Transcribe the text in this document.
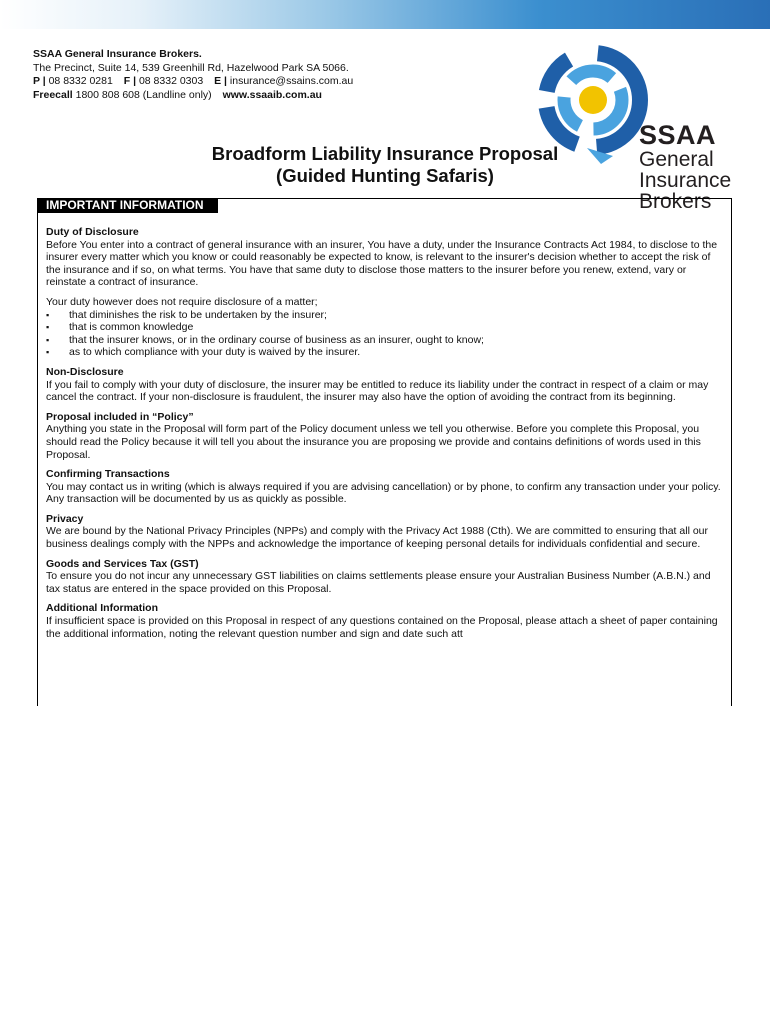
SSAA General Insurance Brokers.
The Precinct, Suite 14, 539 Greenhill Rd, Hazelwood Park SA 5066.
P | 08 8332 0281 F | 08 8332 0303 E | insurance@ssains.com.au
Freecall 1800 808 608 (Landline only) www.ssaaib.com.au
SSAA
General
Insurance
Brokers
Broadform Liability Insurance Proposal
(Guided Hunting Safaris)
IMPORTANT INFORMATION
Duty of Disclosure
Before You enter into a contract of general insurance with an insurer, You have a duty, under the Insurance Contracts Act 1984, to disclose to the insurer every matter which you know or could reasonably be expected to know, is relevant to the insurer's decision whether to accept the risk of the insurance and if so, on what terms. You have that same duty to disclose those matters to the insurer before you renew, extend, vary or reinstate a contract of insurance.
Your duty however does not require disclosure of a matter;
▪ that diminishes the risk to be undertaken by the insurer;
▪ that is common knowledge
▪ that the insurer knows, or in the ordinary course of business as an insurer, ought to know;
▪ as to which compliance with your duty is waived by the insurer.
Non-Disclosure
If you fail to comply with your duty of disclosure, the insurer may be entitled to reduce its liability under the contract in respect of a claim or may cancel the contract. If your non-disclosure is fraudulent, the insurer may also have the option of avoiding the contract from its beginning.
Proposal included in “Policy”
Anything you state in the Proposal will form part of the Policy document unless we tell you otherwise. Before you complete this Proposal, you should read the Policy because it will tell you about the insurance you are proposing we provide and contains definitions of words used in this Proposal.
Confirming Transactions
You may contact us in writing (which is always required if you are advising cancellation) or by phone, to confirm any transaction under your policy. Any transaction will be documented by us as quickly as possible.
Privacy
We are bound by the National Privacy Principles (NPPs) and comply with the Privacy Act 1988 (Cth). We are committed to ensuring that all our business dealings comply with the NPPs and acknowledge the importance of keeping personal details for individuals confidential and secure.
Goods and Services Tax (GST)
To ensure you do not incur any unnecessary GST liabilities on claims settlements please ensure your Australian Business Number (A.B.N.) and tax status are entered in the space provided on this Proposal.
Additional Information
If insufficient space is provided on this Proposal in respect of any questions contained on the Proposal, please attach a sheet of paper containing the additional information, noting the relevant question number and sign and date such att
